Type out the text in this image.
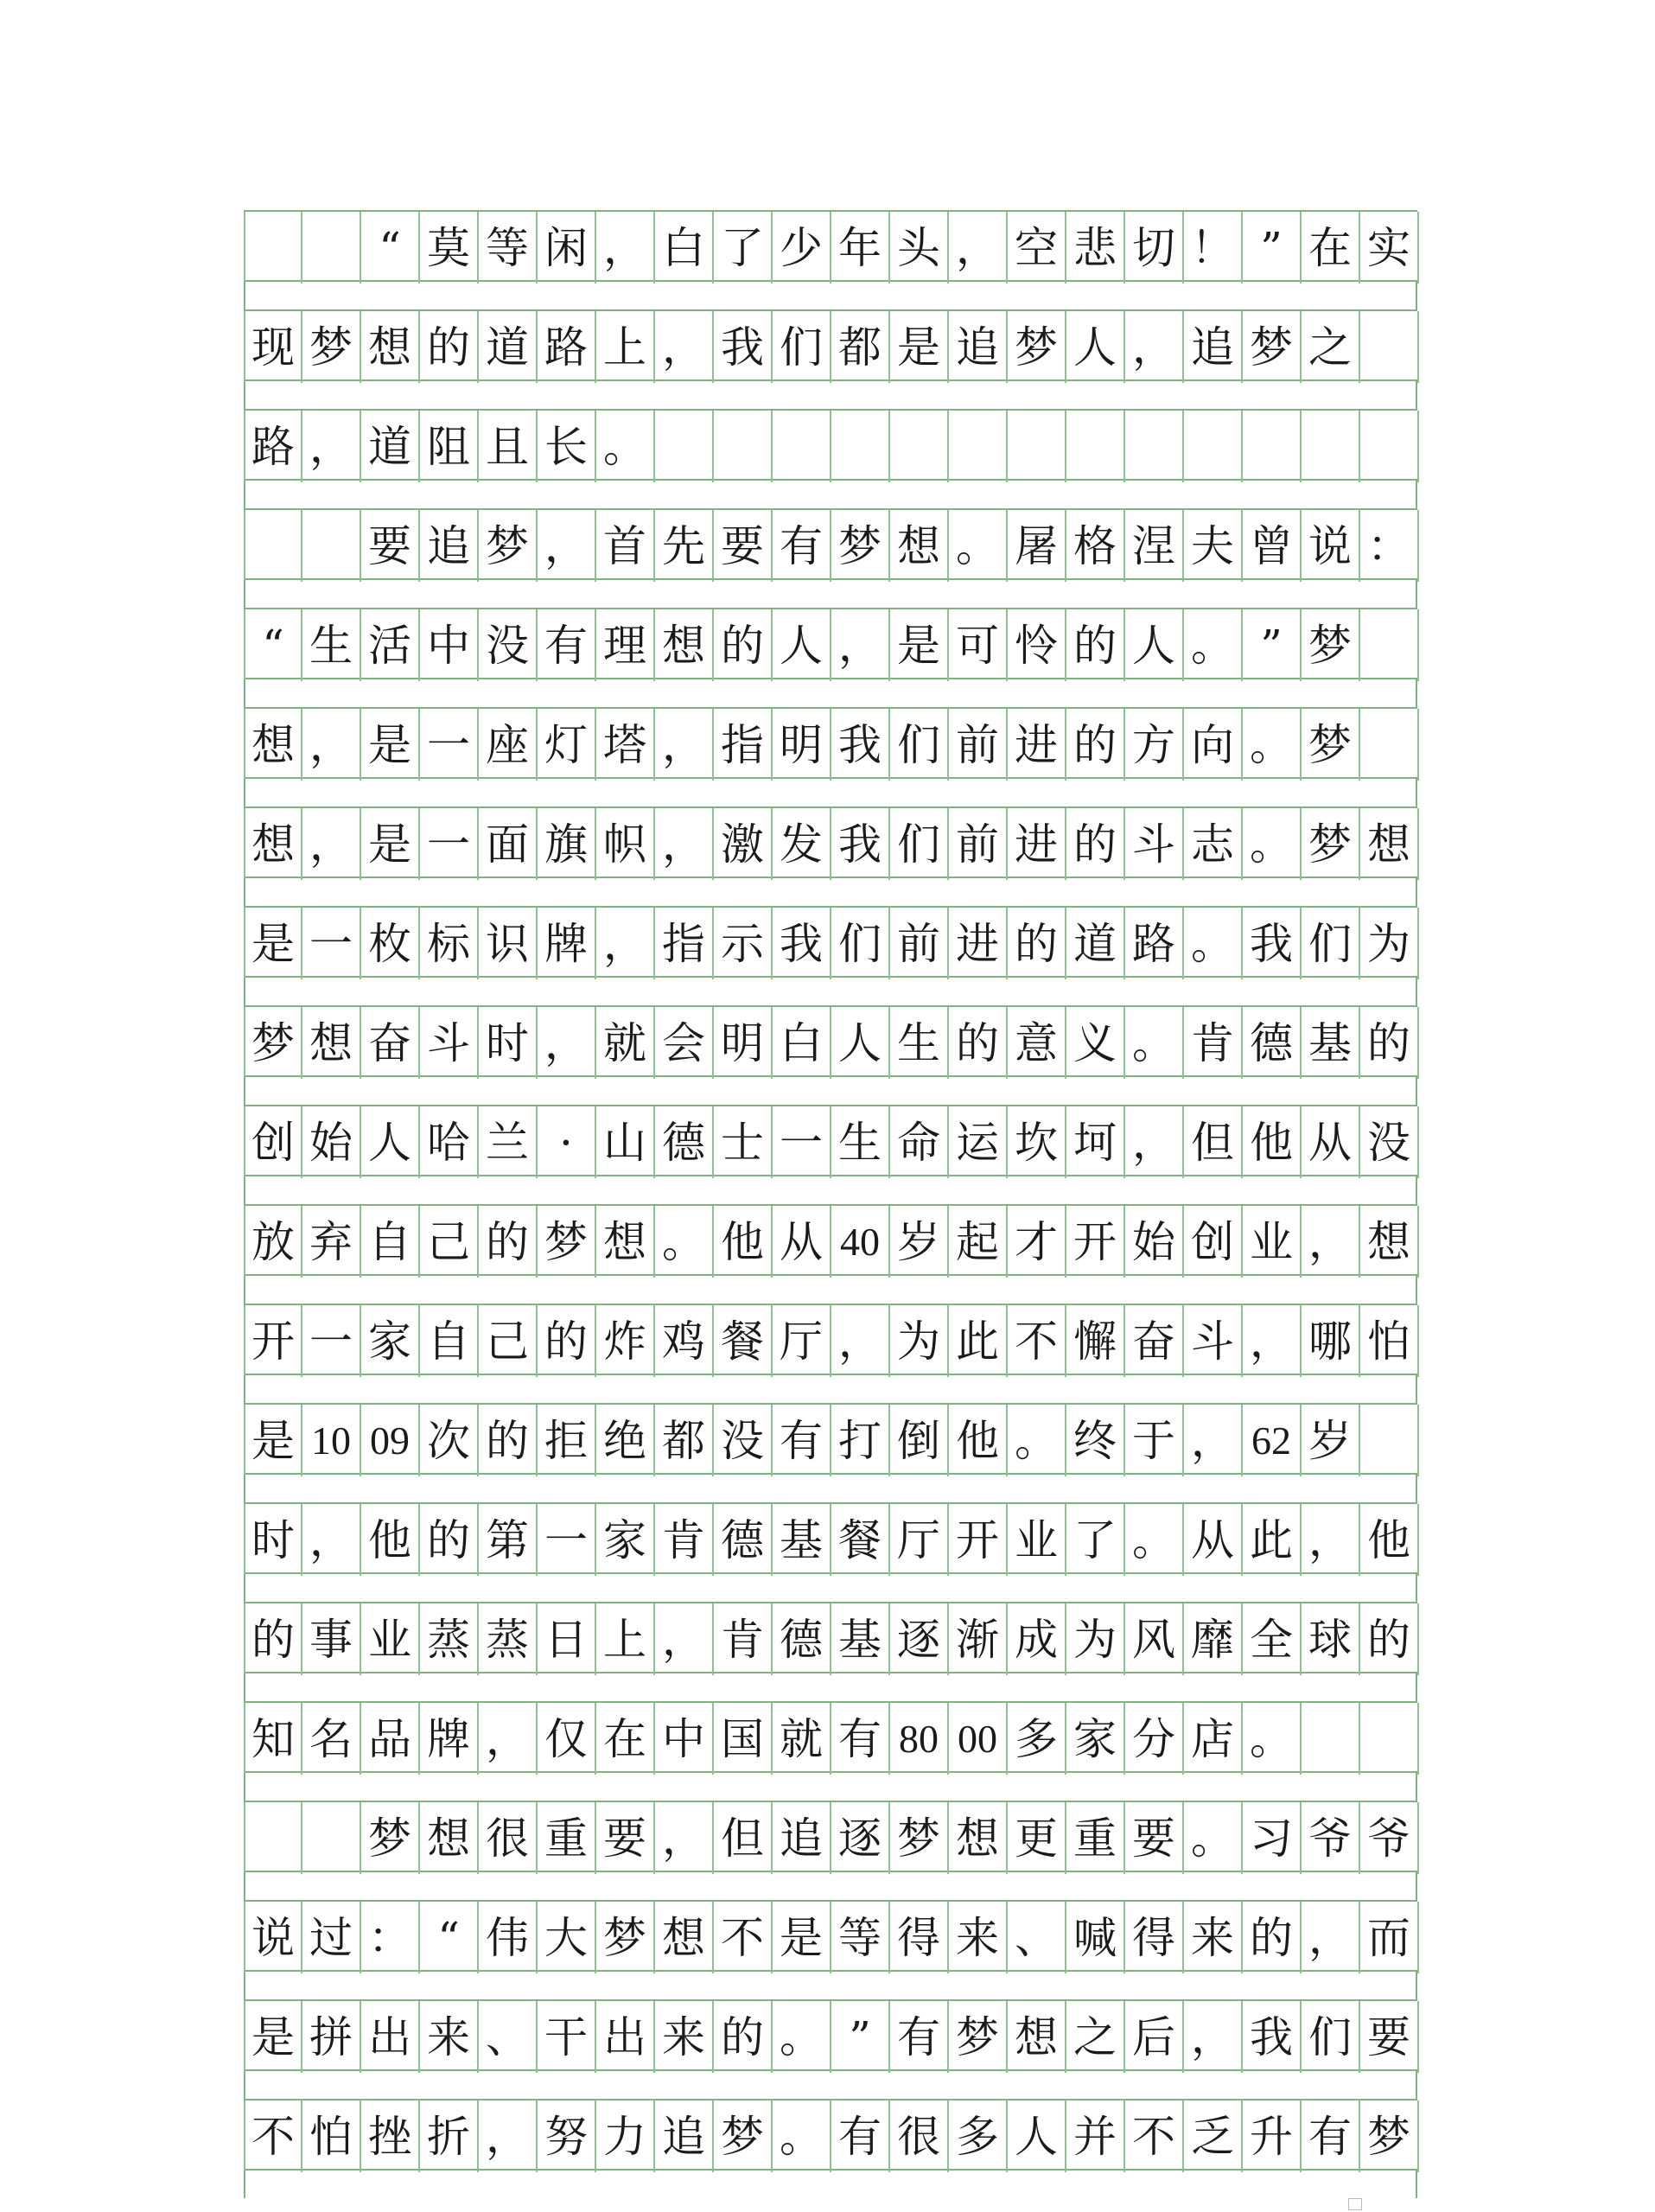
“ 莫 等 闲 ， 白 了 少 年 头 ， 空 悲 切 ！ ” 在 实
现 梦 想 的 道 路 上 ， 我 们 都 是 追 梦 人 ， 追 梦 之
路 ， 道 阻 且 长 。
要 追 梦 ， 首 先 要 有 梦 想 。 屠 格 涅 夫 曾 说 ：
“ 生 活 中 没 有 理 想 的 人 ， 是 可 怜 的 人 。 ” 梦
想 ， 是 一 座 灯 塔 ， 指 明 我 们 前 进 的 方 向 。 梦
想 ， 是 一 面 旗 帜 ， 激 发 我 们 前 进 的 斗 志 。 梦 想
是 一 枚 标 识 牌 ， 指 示 我 们 前 进 的 道 路 。 我 们 为
梦 想 奋 斗 时 ， 就 会 明 白 人 生 的 意 义 。 肯 德 基 的
创 始 人 哈 兰 · 山 德 士 一 生 命 运 坎 坷 ， 但 他 从 没
放 弃 自 己 的 梦 想 。 他 从 40 岁 起 才 开 始 创 业 ， 想
开 一 家 自 己 的 炸 鸡 餐 厅 ， 为 此 不 懈 奋 斗 ， 哪 怕
是 10 09 次 的 拒 绝 都 没 有 打 倒 他 。 终 于 ， 62 岁
时 ， 他 的 第 一 家 肯 德 基 餐 厅 开 业 了 。 从 此 ， 他
的 事 业 蒸 蒸 日 上 ， 肯 德 基 逐 渐 成 为 风 靡 全 球 的
知 名 品 牌 ， 仅 在 中 国 就 有 80 00 多 家 分 店 。
梦 想 很 重 要 ， 但 追 逐 梦 想 更 重 要 。 习 爷 爷
说 过 ： “ 伟 大 梦 想 不 是 等 得 来 、 喊 得 来 的 ， 而
是 拼 出 来 、 干 出 来 的 。 ” 有 梦 想 之 后 ， 我 们 要
不 怕 挫 折 ， 努 力 追 梦 。 有 很 多 人 并 不 乏 升 有 梦
